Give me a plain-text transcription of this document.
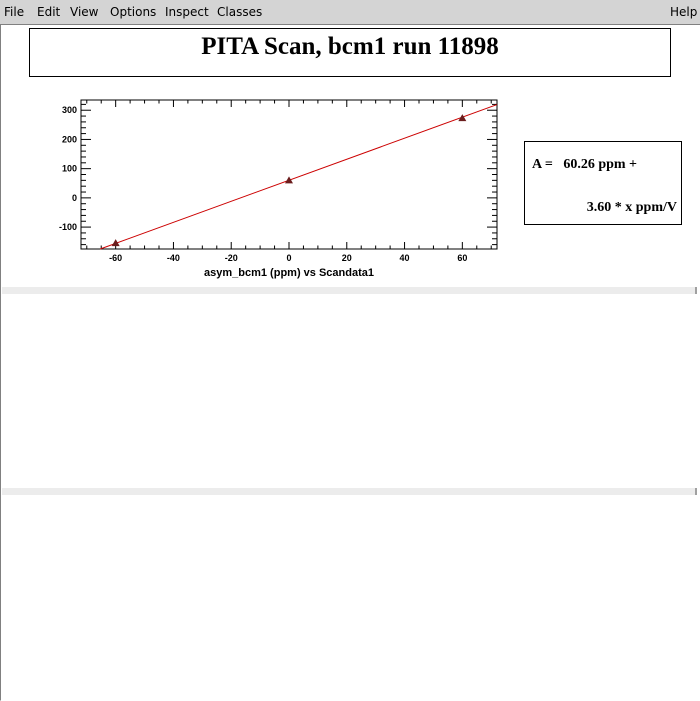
File Edit View Options Inspect Classes	Help
PITA Scan, bcm1 run 11898
-60	-40	-20	0	20	40	60
-100
0
100
200
300
asym_bcm1 (ppm) vs Scandata1
A =   60.26 ppm +
3.60 * x ppm/V
